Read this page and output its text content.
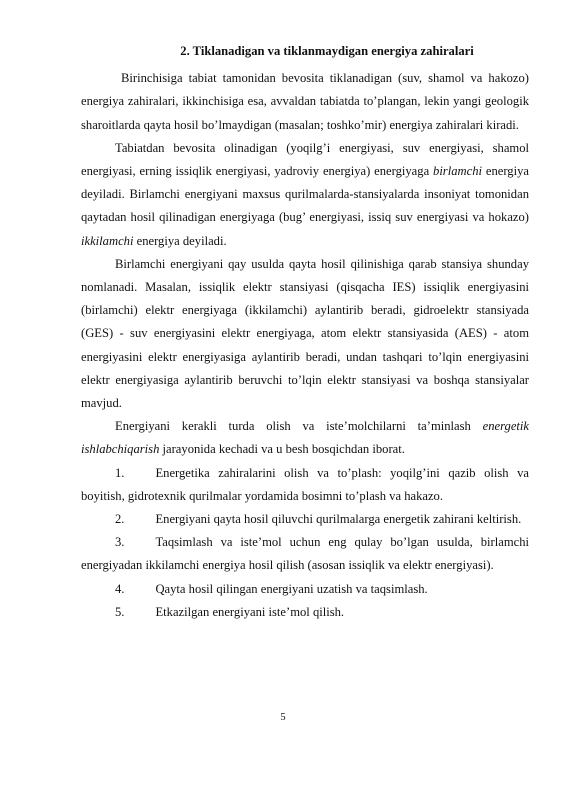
2. Tiklanadigan va tiklanmaydigan energiya zahiralari

Birinchisiga tabiat tamonidan bevosita tiklanadigan (suv, shamol va hakozo) energiya zahiralari, ikkinchisiga esa, avvaldan tabiatda to’plangan, lekin yangi geologik sharoitlarda qayta hosil bo’lmaydigan (masalan; toshko’mir) energiya zahiralari kiradi.

Tabiatdan bevosita olinadigan (yoqilg’i energiyasi, suv energiyasi, shamol energiyasi, erning issiqlik energiyasi, yadroviy energiya) energiyaga birlamchi energiya deyiladi. Birlamchi energiyani maxsus qurilmalarda-stansiyalarda insoniyat tomonidan qaytadan hosil qilinadigan energiyaga (bug’ energiyasi, issiq suv energiyasi va hokazo) ikkilamchi energiya deyiladi.

Birlamchi energiyani qay usulda qayta hosil qilinishiga qarab stansiya shunday nomlanadi. Masalan, issiqlik elektr stansiyasi (qisqacha IES) issiqlik energiyasini (birlamchi) elektr energiyaga (ikkilamchi) aylantirib beradi, gidroelektr stansiyada (GES) - suv energiyasini elektr energiyaga, atom elektr stansiyasida (AES) - atom energiyasini elektr energiyasiga aylantirib beradi, undan tashqari to’lqin energiyasini elektr energiyasiga aylantirib beruvchi to’lqin elektr stansiyasi va boshqa stansiyalar mavjud.

Energiyani kerakli turda olish va iste’molchilarni ta’minlash energetik ishlabchiqarish jarayonida kechadi va u besh bosqichdan iborat.

1. Energetika zahiralarini olish va to’plash: yoqilg’ini qazib olish va boyitish, gidrotexnik qurilmalar yordamida bosimni to’plash va hakazo.

2. Energiyani qayta hosil qiluvchi qurilmalarga energetik zahirani keltirish.

3. Taqsimlash va iste’mol uchun eng qulay bo’lgan usulda, birlamchi energiyadan ikkilamchi energiya hosil qilish (asosan issiqlik va elektr energiyasi).

4. Qayta hosil qilingan energiyani uzatish va taqsimlash.

5. Etkazilgan energiyani iste’mol qilish.

5
